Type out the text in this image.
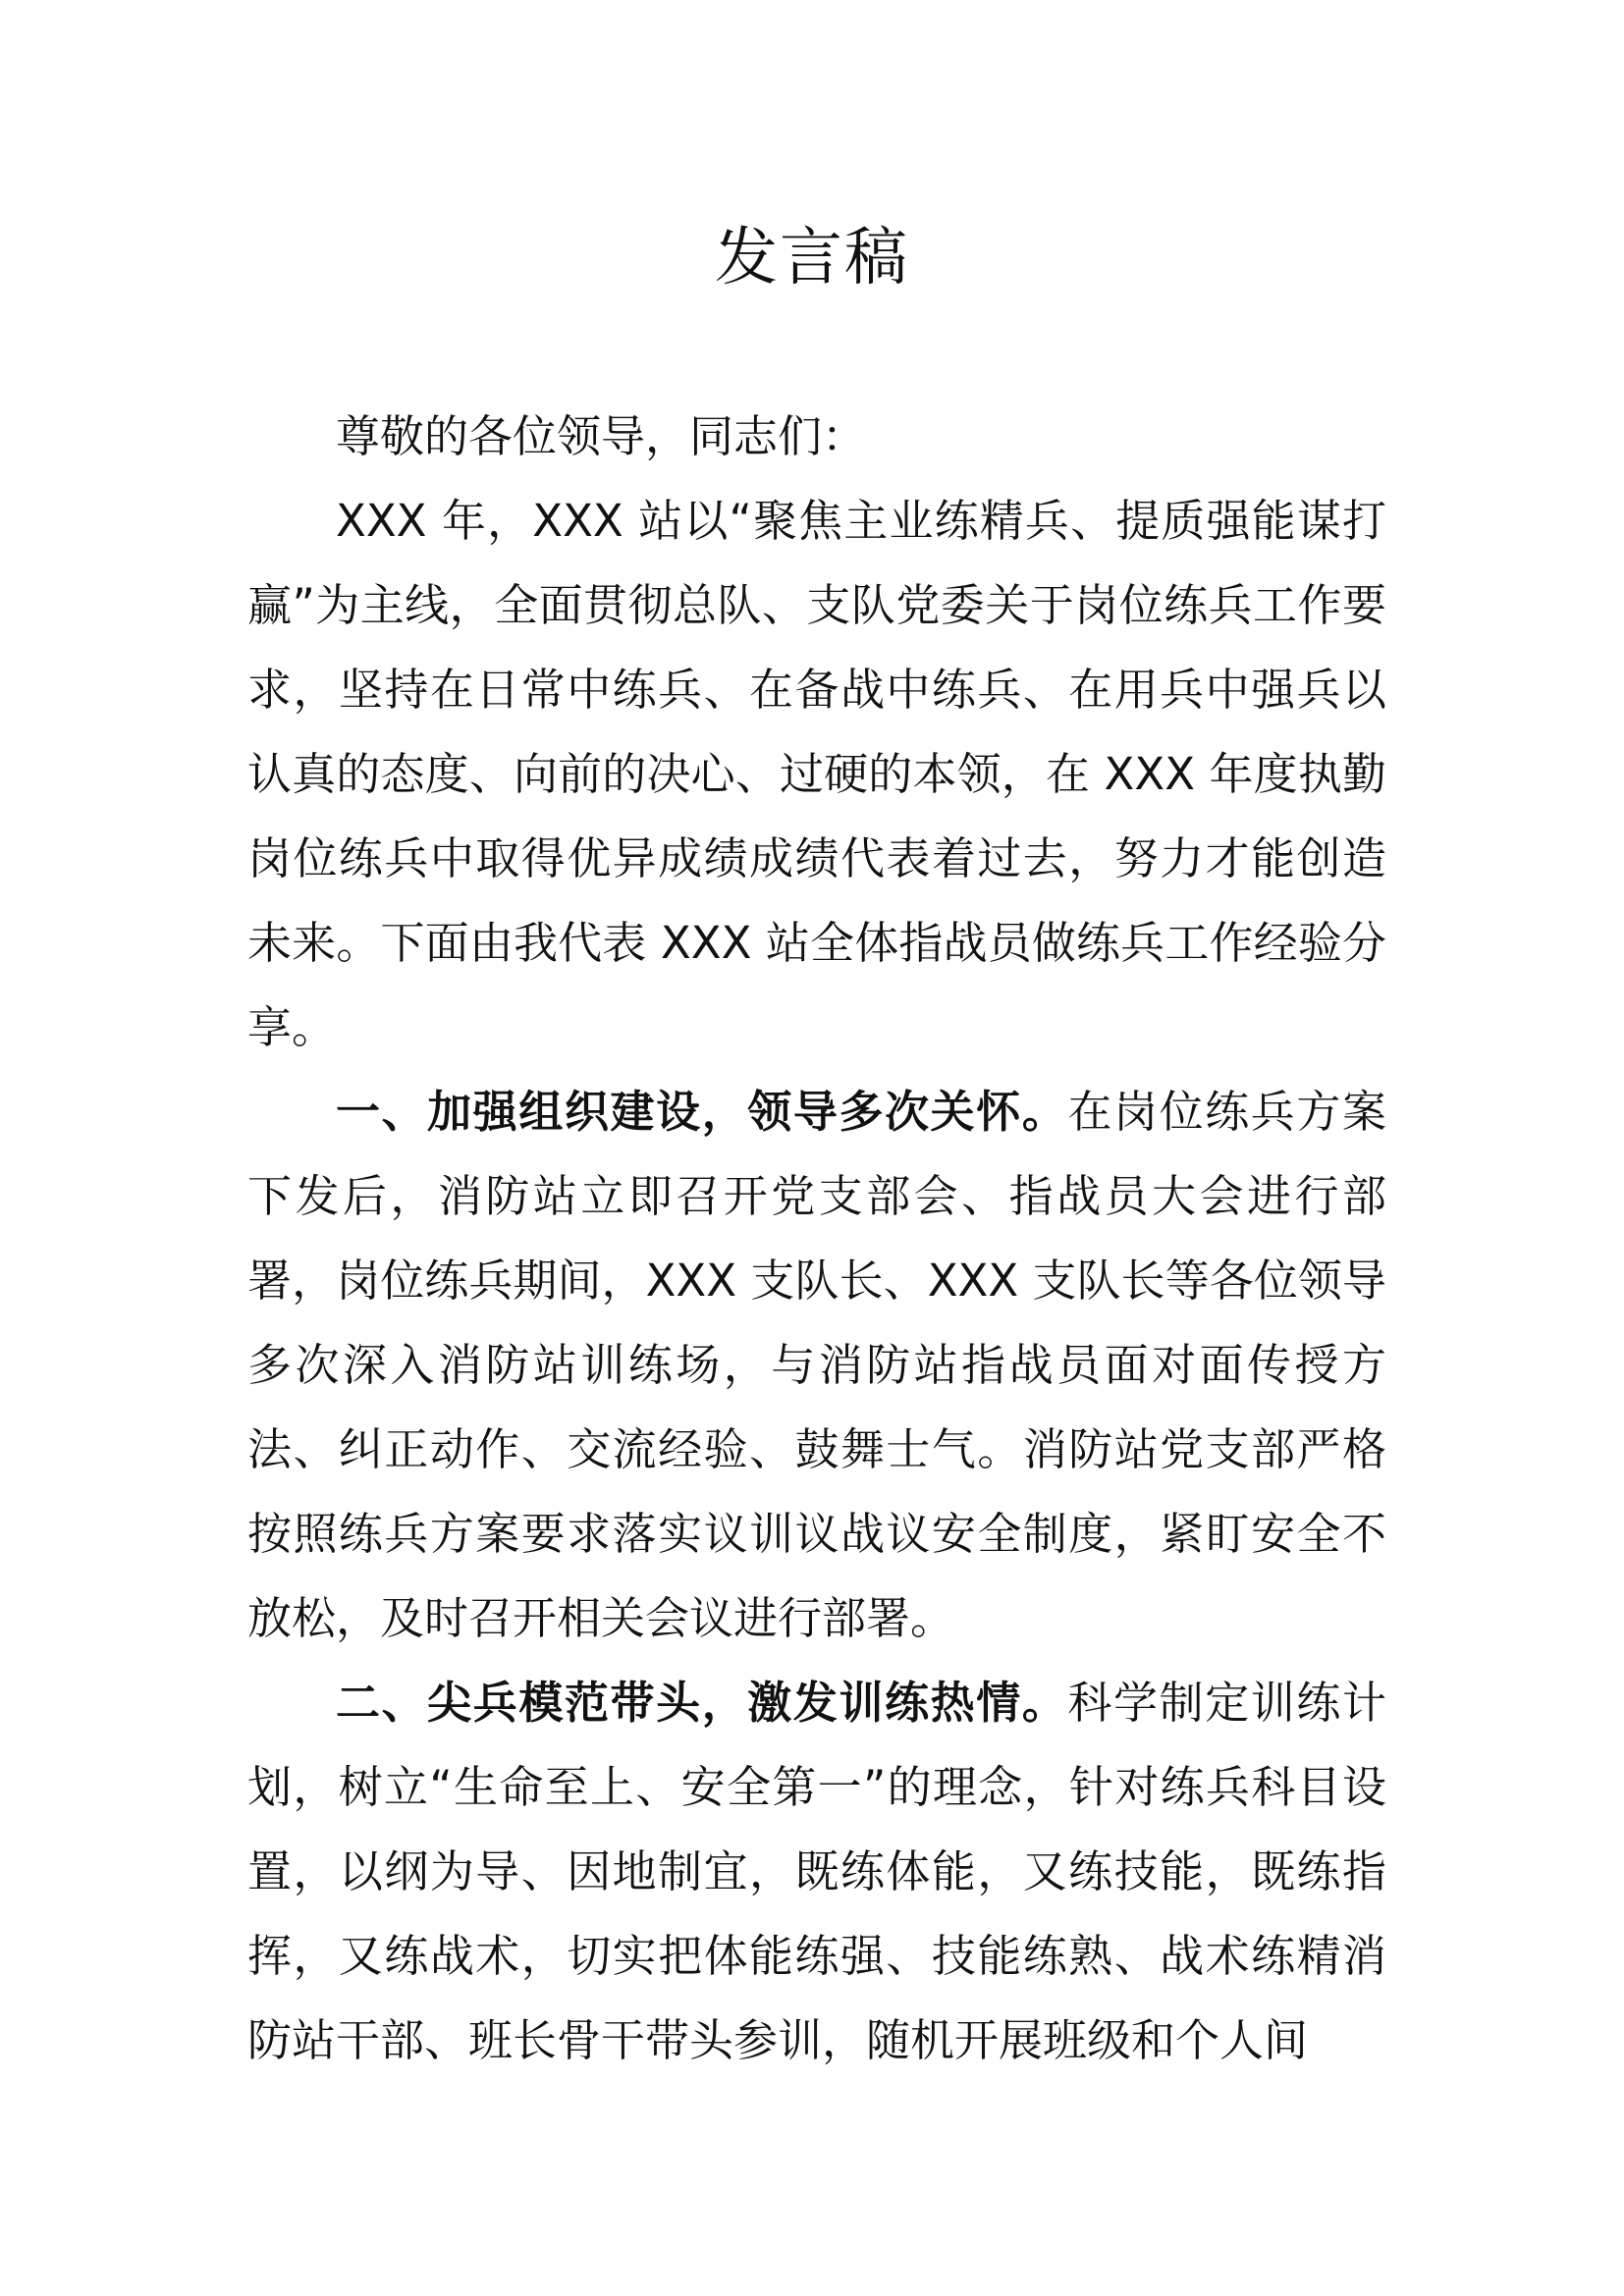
发言稿

尊敬的各位领导，同志们：

XXX 年，XXX 站以“聚焦主业练精兵、提质强能谋打赢”为主线，全面贯彻总队、支队党委关于岗位练兵工作要求，坚持在日常中练兵、在备战中练兵、在用兵中强兵以认真的态度、向前的决心、过硬的本领，在 XXX 年度执勤岗位练兵中取得优异成绩成绩代表着过去，努力才能创造未来。下面由我代表 XXX 站全体指战员做练兵工作经验分享。

一、加强组织建设，领导多次关怀。在岗位练兵方案下发后，消防站立即召开党支部会、指战员大会进行部署，岗位练兵期间，XXX 支队长、XXX 支队长等各位领导多次深入消防站训练场，与消防站指战员面对面传授方法、纠正动作、交流经验、鼓舞士气。消防站党支部严格按照练兵方案要求落实议训议战议安全制度，紧盯安全不放松，及时召开相关会议进行部署。

二、尖兵模范带头，激发训练热情。科学制定训练计划，树立“生命至上、安全第一”的理念，针对练兵科目设置，以纲为导、因地制宜，既练体能，又练技能，既练指挥，又练战术，切实把体能练强、技能练熟、战术练精消防站干部、班长骨干带头参训，随机开展班级和个人间
